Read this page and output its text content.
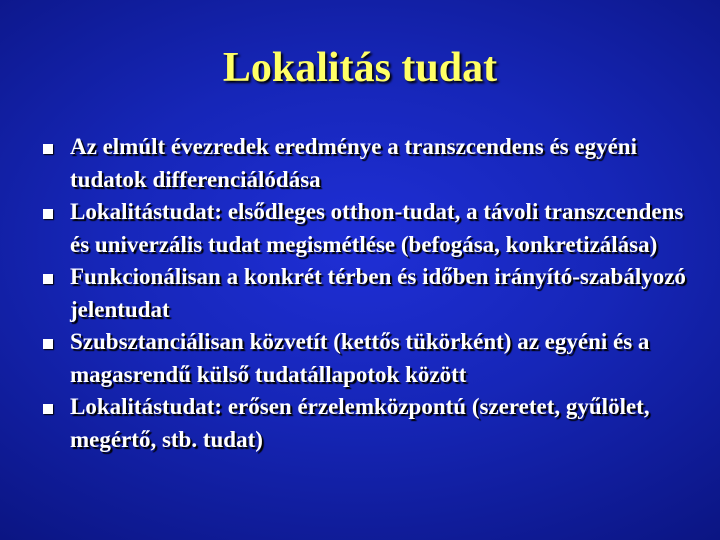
Lokalitás tudat
Az elmúlt évezredek eredménye a transzcendens és egyéni tudatok differenciálódása
Lokalitástudat: elsődleges otthon-tudat, a távoli transzcendens és univerzális tudat megismétlése (befogása, konkretizálása)
Funkcionálisan a konkrét térben és időben irányító-szabályozó jelentudat
Szubsztanciálisan közvetít (kettős tükörként) az egyéni és a magasrendű külső tudatállapotok között
Lokalitástudat: erősen érzelemközpontú (szeretet, gyűlölet, megértő, stb. tudat)
